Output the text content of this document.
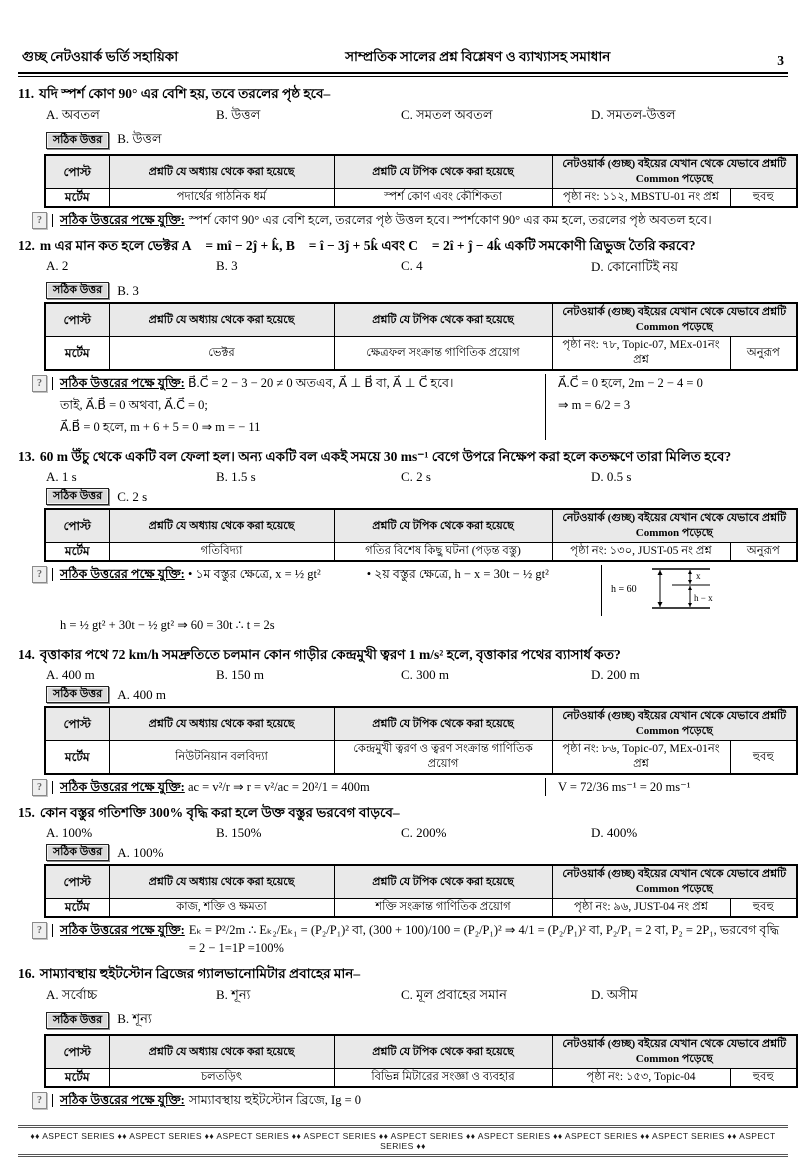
গুচ্ছ নেটওয়ার্ক ভর্তি সহায়িকা	সাম্প্রতিক সালের প্রশ্ন বিশ্লেষণ ও ব্যাখ্যাসহ সমাধান	3
11. যদি স্পর্শ কোণ 90° এর বেশি হয়, তবে তরলের পৃষ্ঠ হবে–
A. অবতল	B. উত্তল	C. সমতল অবতল	D. সমতল-উত্তল
সঠিক উত্তর	B. উত্তল
পোস্ট	প্রশ্নটি যে অধ্যায় থেকে করা হয়েছে	প্রশ্নটি যে টপিক থেকে করা হয়েছে	নেটওয়ার্ক (গুচ্ছ) বইয়ের যেখান থেকে যেভাবে প্রশ্নটি Common পড়েছে	
মর্টেম	পদার্থের গাঠনিক ধর্ম	স্পর্শ কোণ এবং কৌশিকতা	পৃষ্ঠা নং: ১১২, MBSTU-01 নং প্রশ্ন	হুবহু
?	সঠিক উত্তরের পক্ষে যুক্তি: স্পর্শ কোণ 90° এর বেশি হলে, তরলের পৃষ্ঠ উত্তল হবে। স্পর্শকোণ 90° এর কম হলে, তরলের পৃষ্ঠ অবতল হবে।
12. m এর মান কত হলে ভেক্টর A⃗ = mî − 2ĵ + k̂, B⃗ = î − 3ĵ + 5k̂ এবং C⃗ = 2î + ĵ − 4k̂ একটি সমকোণী ত্রিভুজ তৈরি করবে?
A. 2	B. 3	C. 4	D. কোনোটিই নয়
সঠিক উত্তর	B. 3
পোস্ট	প্রশ্নটি যে অধ্যায় থেকে করা হয়েছে	প্রশ্নটি যে টপিক থেকে করা হয়েছে	নেটওয়ার্ক (গুচ্ছ) বইয়ের যেখান থেকে যেভাবে প্রশ্নটি Common পড়েছে	
মর্টেম	ভেক্টর	ক্ষেত্রফল সংক্রান্ত গাণিতিক প্রয়োগ	পৃষ্ঠা নং: ৭৮, Topic-07, MEx-01নং প্রশ্ন	অনুরূপ
?	সঠিক উত্তরের পক্ষে যুক্তি: B⃗.C⃗ = 2 − 3 − 20 ≠ 0 অতএব, A⃗ ⊥ B⃗ বা, A⃗ ⊥ C⃗ হবে।
তাই, A⃗.B⃗ = 0 অথবা, A⃗.C⃗ = 0;
A⃗.B⃗ = 0 হলে, m + 6 + 5 = 0 ⇒ m = − 11
A⃗.C⃗ = 0 হলে, 2m − 2 − 4 = 0
⇒ m = 6/2 = 3
13. 60 m উঁচু থেকে একটি বল ফেলা হল। অন্য একটি বল একই সময়ে 30 ms⁻¹ বেগে উপরে নিক্ষেপ করা হলে কতক্ষণে তারা মিলিত হবে?
A. 1 s	B. 1.5 s	C. 2 s	D. 0.5 s
সঠিক উত্তর	C. 2 s
পোস্ট	প্রশ্নটি যে অধ্যায় থেকে করা হয়েছে	প্রশ্নটি যে টপিক থেকে করা হয়েছে	নেটওয়ার্ক (গুচ্ছ) বইয়ের যেখান থেকে যেভাবে প্রশ্নটি Common পড়েছে	
মর্টেম	গতিবিদ্যা	গতির বিশেষ কিছু ঘটনা (পড়ন্ত বস্তু)	পৃষ্ঠা নং: ১৩০, JUST-05 নং প্রশ্ন	অনুরূপ
?	সঠিক উত্তরের পক্ষে যুক্তি: • ১ম বস্তুর ক্ষেত্রে, x = ½ gt²	• ২য় বস্তুর ক্ষেত্রে, h − x = 30t − ½ gt²
h = 60
x
h − x
h = ½ gt² + 30t − ½ gt² ⇒ 60 = 30t ∴ t = 2s
14. বৃত্তাকার পথে 72 km/h সমদ্রুতিতে চলমান কোন গাড়ীর কেন্দ্রমুখী ত্বরণ 1 m/s² হলে, বৃত্তাকার পথের ব্যাসার্ধ কত?
A. 400 m	B. 150 m	C. 300 m	D. 200 m
সঠিক উত্তর	A. 400 m
পোস্ট	প্রশ্নটি যে অধ্যায় থেকে করা হয়েছে	প্রশ্নটি যে টপিক থেকে করা হয়েছে	নেটওয়ার্ক (গুচ্ছ) বইয়ের যেখান থেকে যেভাবে প্রশ্নটি Common পড়েছে	
মর্টেম	নিউটনিয়ান বলবিদ্যা	কেন্দ্রমুখী ত্বরণ ও ত্বরণ সংক্রান্ত গাণিতিক প্রয়োগ	পৃষ্ঠা নং: ৮৬, Topic-07, MEx-01নং প্রশ্ন	হুবহু
?	সঠিক উত্তরের পক্ষে যুক্তি: ac = v²/r ⇒ r = v²/ac = 20²/1 = 400m	V = 72/36 ms⁻¹ = 20 ms⁻¹
15. কোন বস্তুর গতিশক্তি 300% বৃদ্ধি করা হলে উক্ত বস্তুর ভরবেগ বাড়বে–
A. 100%	B. 150%	C. 200%	D. 400%
সঠিক উত্তর	A. 100%
পোস্ট	প্রশ্নটি যে অধ্যায় থেকে করা হয়েছে	প্রশ্নটি যে টপিক থেকে করা হয়েছে	নেটওয়ার্ক (গুচ্ছ) বইয়ের যেখান থেকে যেভাবে প্রশ্নটি Common পড়েছে	
মর্টেম	কাজ, শক্তি ও ক্ষমতা	শক্তি সংক্রান্ত গাণিতিক প্রয়োগ	পৃষ্ঠা নং: ৯৬, JUST-04 নং প্রশ্ন	হুবহু
?	সঠিক উত্তরের পক্ষে যুক্তি: Eₖ = P²/2m ∴ Eₖ₂/Eₖ₁ = (P₂/P₁)² বা, (300 + 100)/100 = (P₂/P₁)² ⇒ 4/1 = (P₂/P₁)² বা, P₂/P₁ = 2 বা, P₂ = 2P₁, ভরবেগ বৃদ্ধি = 2 − 1=1P =100%
16. সাম্যাবস্থায় হুইটস্টোন ব্রিজের গ্যালভানোমিটার প্রবাহের মান–
A. সর্বোচ্চ	B. শূন্য	C. মূল প্রবাহের সমান	D. অসীম
সঠিক উত্তর	B. শূন্য
পোস্ট	প্রশ্নটি যে অধ্যায় থেকে করা হয়েছে	প্রশ্নটি যে টপিক থেকে করা হয়েছে	নেটওয়ার্ক (গুচ্ছ) বইয়ের যেখান থেকে যেভাবে প্রশ্নটি Common পড়েছে	
মর্টেম	চলতড়িৎ	বিভিন্ন মিটারের সংজ্ঞা ও ব্যবহার	পৃষ্ঠা নং: ১৫৩, Topic-04	হুবহু
?	সঠিক উত্তরের পক্ষে যুক্তি: সাম্যাবস্থায় হুইটস্টোন ব্রিজে, Ig = 0
♦♦ ASPECT SERIES ♦♦ ASPECT SERIES ♦♦ ASPECT SERIES ♦♦ ASPECT SERIES ♦♦ ASPECT SERIES ♦♦ ASPECT SERIES ♦♦ ASPECT SERIES ♦♦ ASPECT SERIES ♦♦ ASPECT SERIES ♦♦
